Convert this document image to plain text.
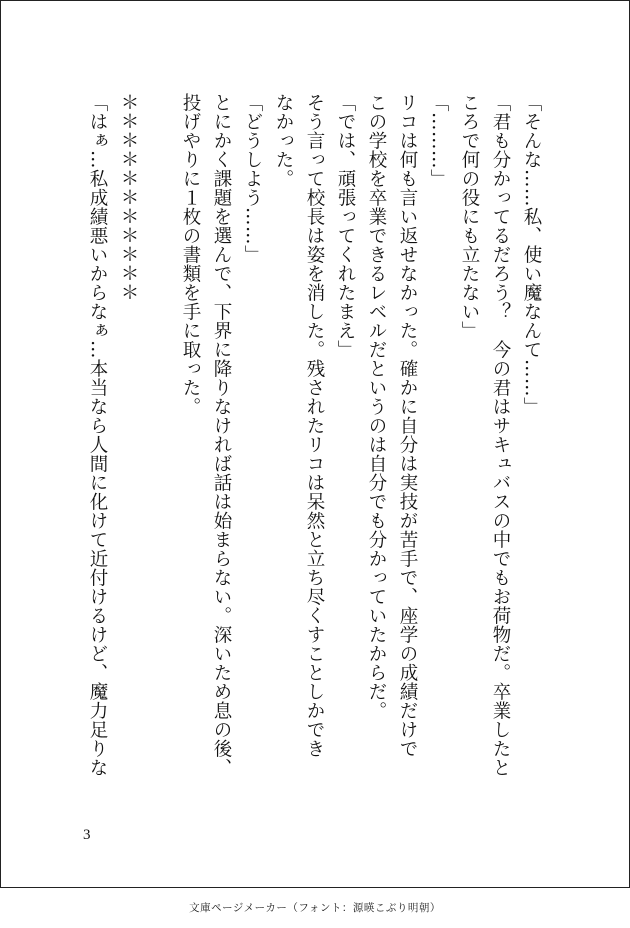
「そんな……私、使い魔なんて……」
「君も分かってるだろう？　今の君はサキュバスの中でもお荷物だ。卒業したと
ころで何の役にも立たない」
「………」
リコは何も言い返せなかった。確かに自分は実技が苦手で、座学の成績だけで
この学校を卒業できるレベルだというのは自分でも分かっていたからだ。
「では、頑張ってくれたまえ」
そう言って校長は姿を消した。残されたリコは呆然と立ち尽くすことしかでき
なかった。
「どうしよう……」
とにかく課題を選んで、下界に降りなければ話は始まらない。深いため息の後、
投げやりに１枚の書類を手に取った。
＊＊＊＊＊＊＊＊＊＊＊
「はぁ…私成績悪いからなぁ…本当なら人間に化けて近付けるけど、魔力足りな
3
文庫ページメーカー（フォント：源暎こぶり明朝）
